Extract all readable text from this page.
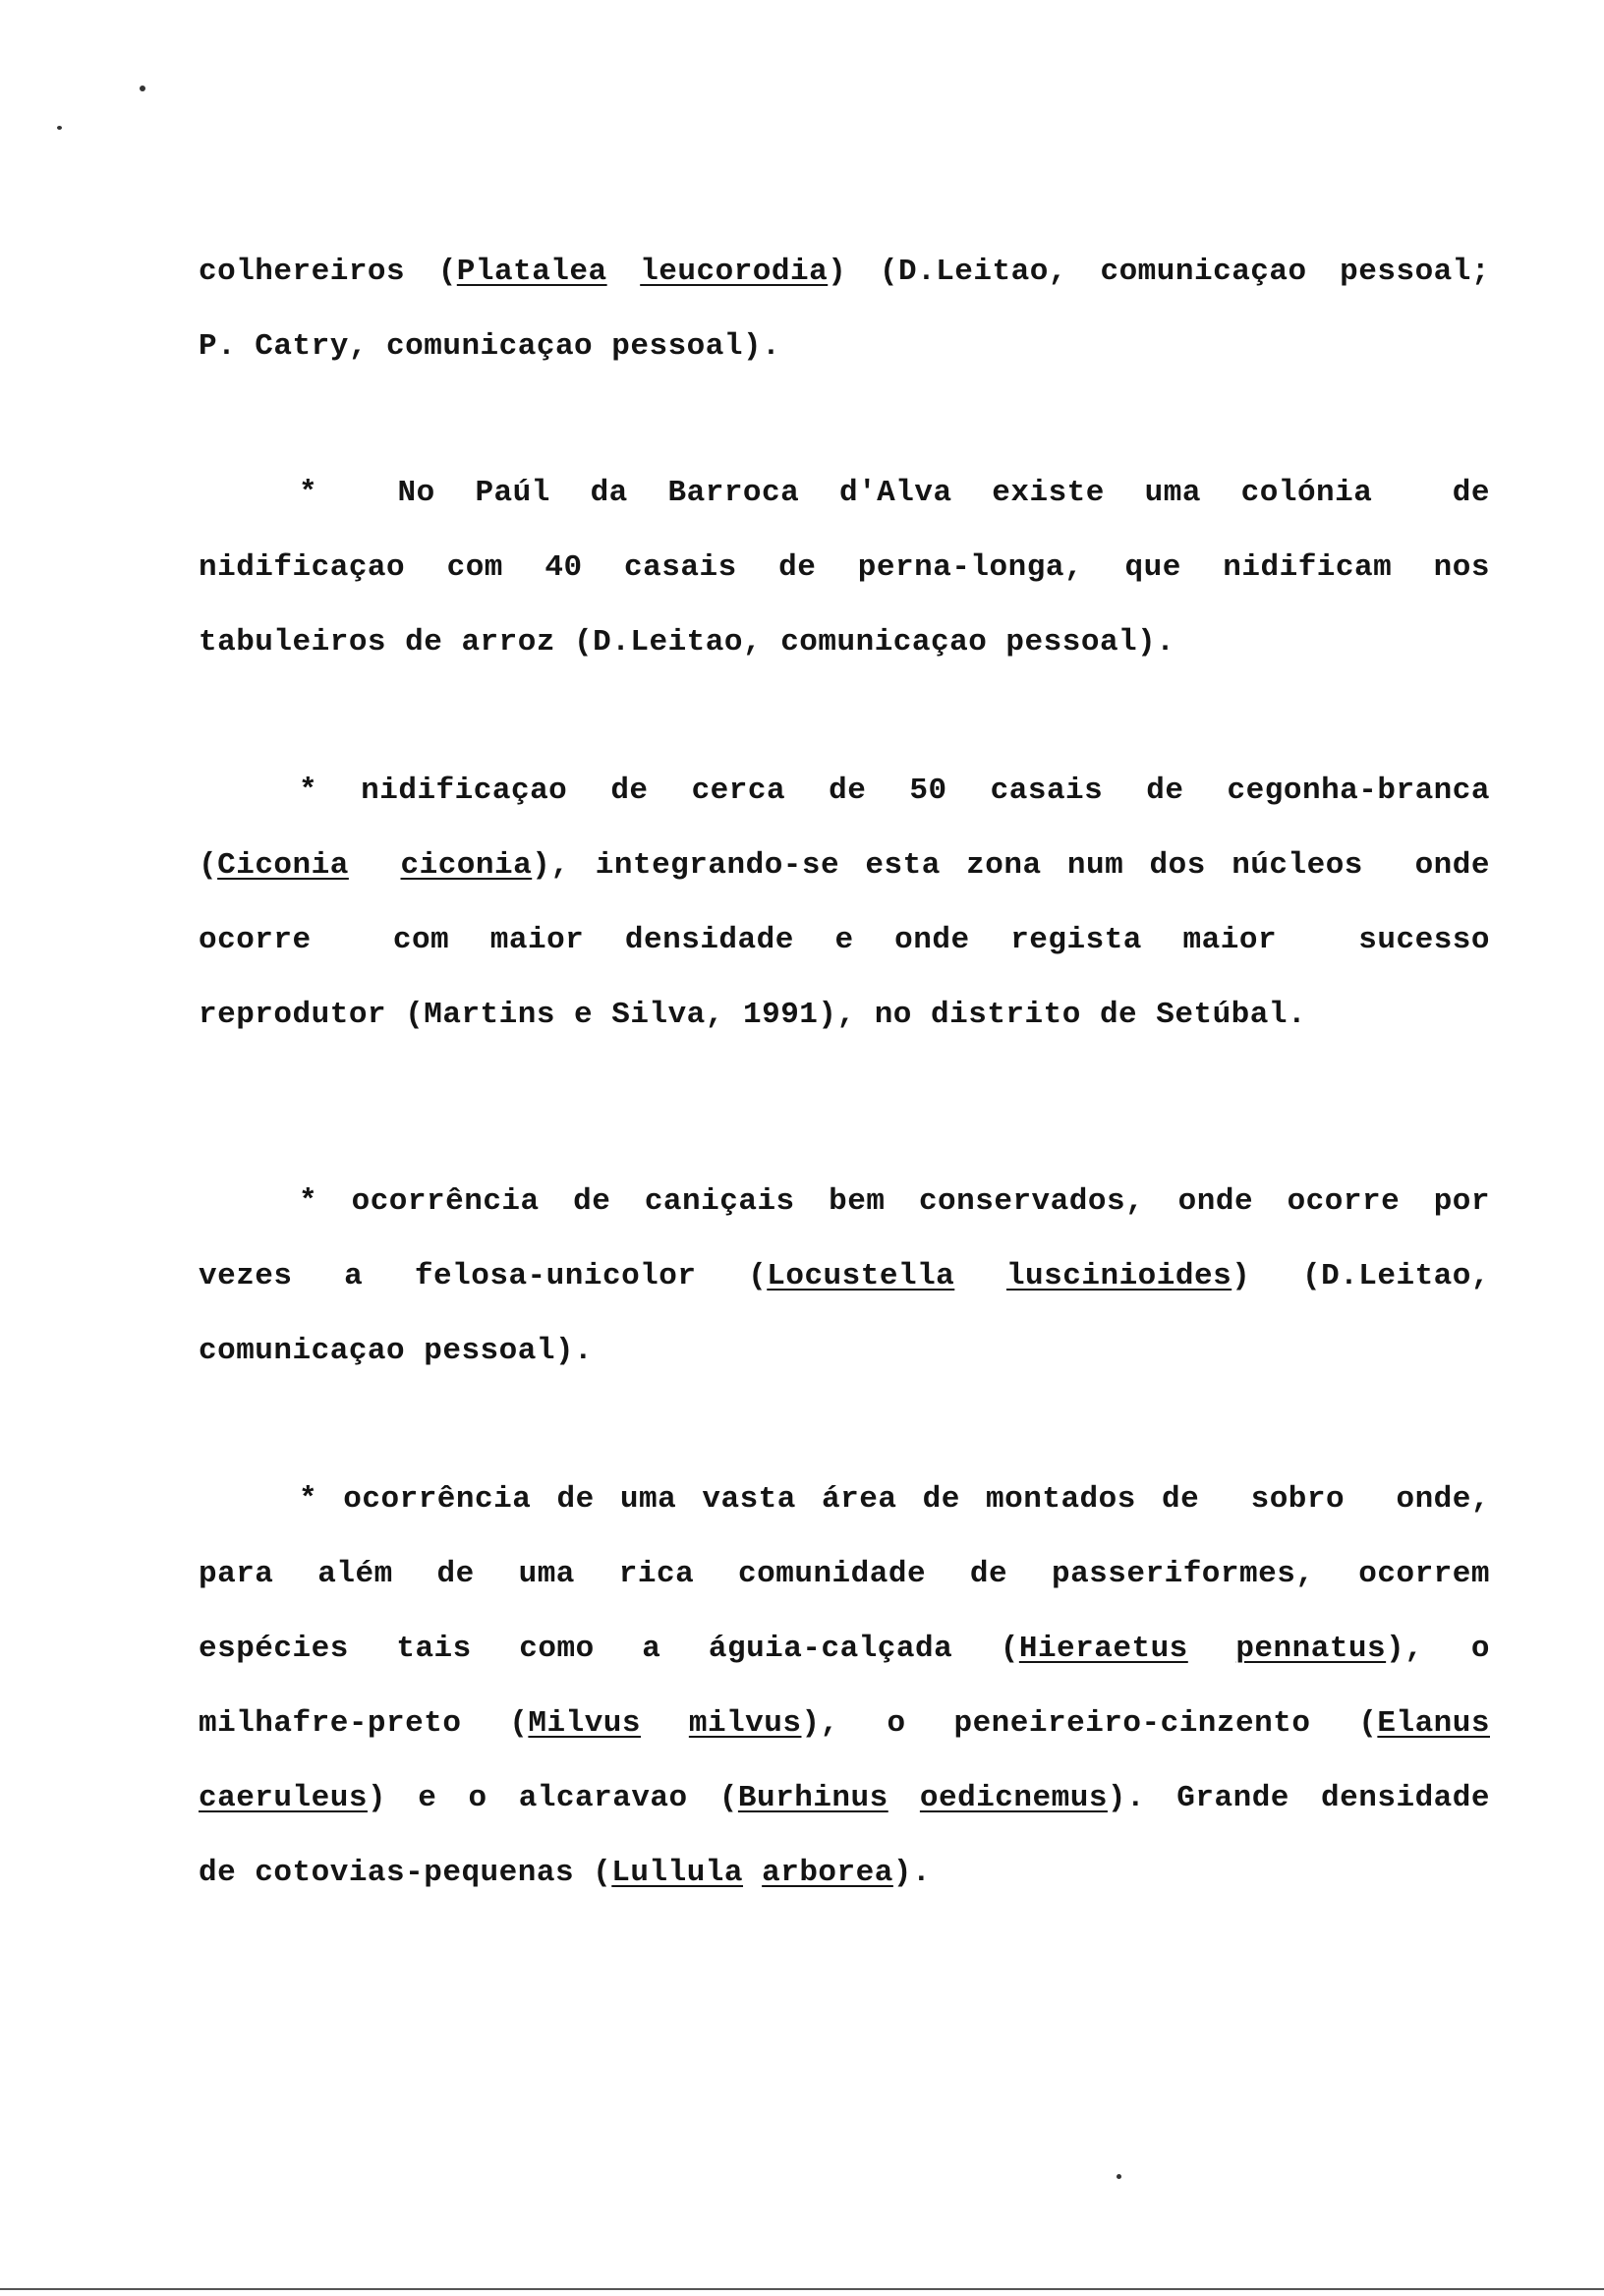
colhereiros (Platalea leucorodia) (D.Leitao, comunicaçao pessoal;
P. Catry, comunicaçao pessoal).
*  No Paúl da Barroca d'Alva existe uma colónia  de
nidificaçao com 40 casais de perna-longa, que nidificam nos
tabuleiros de arroz (D.Leitao, comunicaçao pessoal).
* nidificaçao de cerca de 50 casais de cegonha-branca
(Ciconia ciconia), integrando-se esta zona num dos núcleos  onde
ocorre  com maior densidade e onde regista maior  sucesso
reprodutor (Martins e Silva, 1991), no distrito de Setúbal.
* ocorrência de caniçais bem conservados, onde ocorre por
vezes a felosa-unicolor (Locustella luscinioides) (D.Leitao,
comunicaçao pessoal).
* ocorrência de uma vasta área de montados de  sobro  onde,
para além de uma rica comunidade de passeriformes, ocorrem
espécies tais como a águia-calçada (Hieraetus pennatus), o
milhafre-preto (Milvus milvus), o peneireiro-cinzento (Elanus
caeruleus) e o alcaravao (Burhinus oedicnemus). Grande densidade
de cotovias-pequenas (Lullula arborea).
